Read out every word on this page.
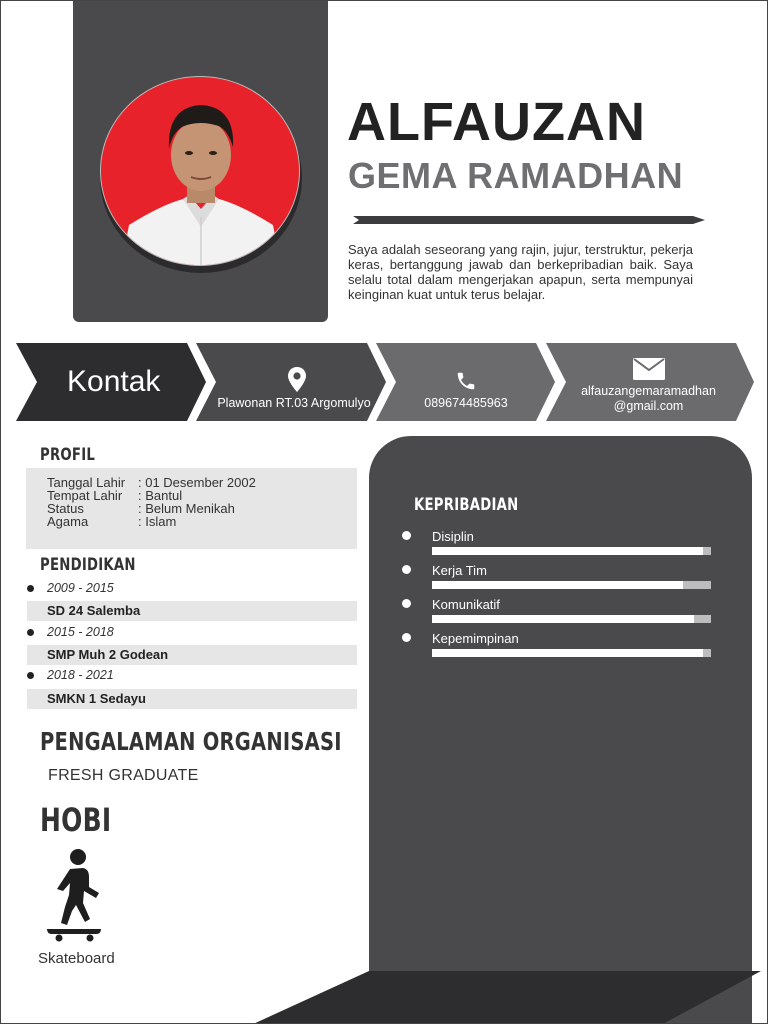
ALFAUZAN
GEMA RAMADHAN

Saya adalah seseorang yang rajin, jujur, terstruktur, pekerja keras, bertanggung jawab dan berkepribadian baik. Saya selalu total dalam mengerjakan apapun, serta mempunyai keinginan kuat untuk terus belajar.

Kontak
Plawonan RT.03 Argomulyo	089674485963
alfauzangemaramadhan
@gmail.com
PROFIL
Tanggal Lahir : 01 Desember 2002
Tempat Lahir : Bantul
Status	: Belum Menikah
Agama	: Islam
PENDIDIKAN
2009 - 2015
SD 24 Salemba
2015 - 2018
SMP Muh 2 Godean
2018 - 2021
SMKN 1 Sedayu
PENGALAMAN ORGANISASI
FRESH GRADUATE
HOBI
Skateboard
KEPRIBADIAN
Disiplin
Kerja Tim
Komunikatif
Kepemimpinan
